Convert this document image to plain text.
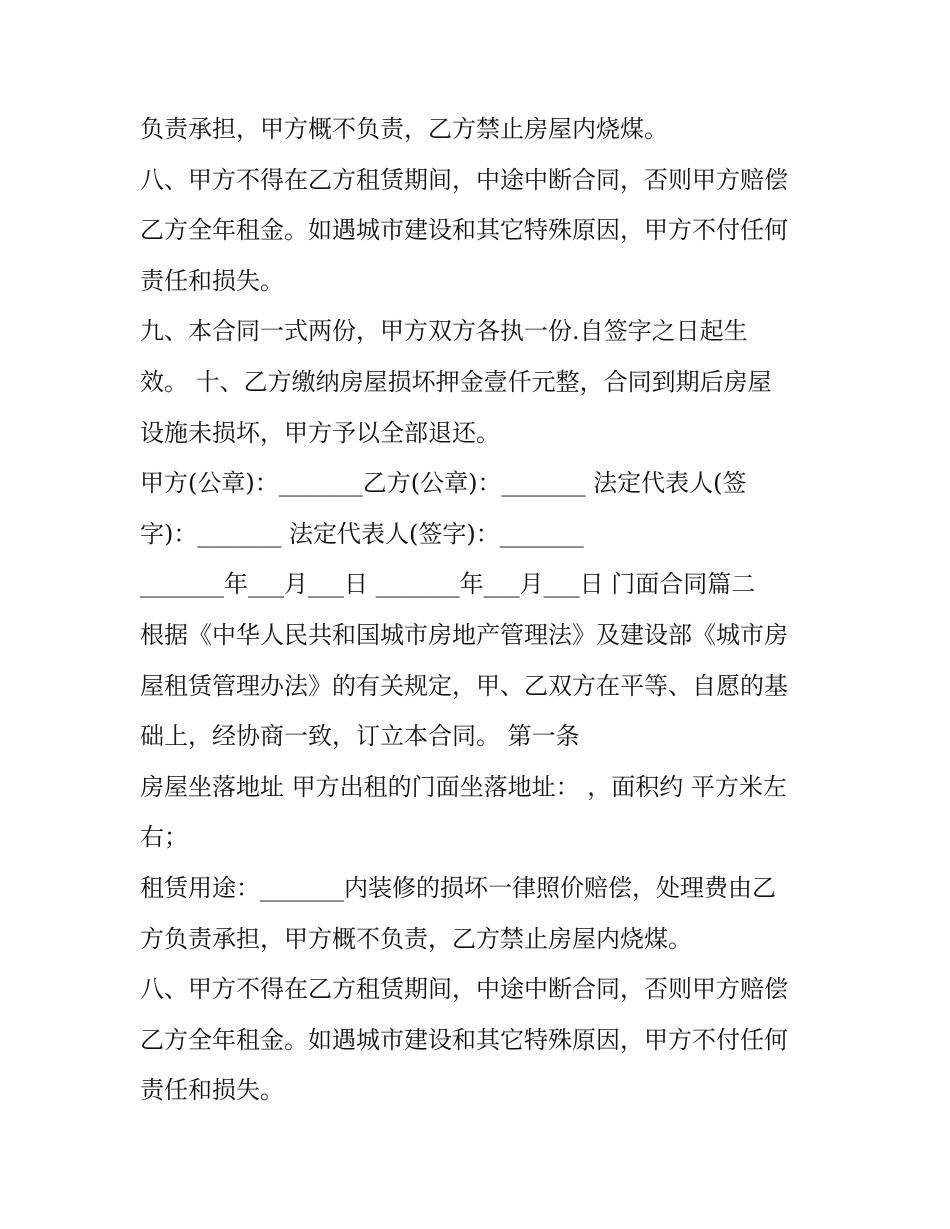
负责承担，甲方概不负责，乙方禁止房屋内烧煤。
八、甲方不得在乙方租赁期间，中途中断合同，否则甲方赔偿
乙方全年租金。如遇城市建设和其它特殊原因，甲方不付任何
责任和损失。
九、本合同一式两份，甲方双方各执一份.自签字之日起生
效。 十、乙方缴纳房屋损坏押金壹仟元整，合同到期后房屋
设施未损坏，甲方予以全部退还。
甲方(公章)：_______乙方(公章)：_______ 法定代表人(签
字)：_______ 法定代表人(签字)：_______
_______年___月___日 _______年___月___日 门面合同篇二
根据《中华人民共和国城市房地产管理法》及建设部《城市房
屋租赁管理办法》的有关规定，甲、乙双方在平等、自愿的基
础上，经协商一致，订立本合同。 第一条
房屋坐落地址 甲方出租的门面坐落地址： ，面积约 平方米左
右；
租赁用途：_______内装修的损坏一律照价赔偿，处理费由乙
方负责承担，甲方概不负责，乙方禁止房屋内烧煤。
八、甲方不得在乙方租赁期间，中途中断合同，否则甲方赔偿
乙方全年租金。如遇城市建设和其它特殊原因，甲方不付任何
责任和损失。
